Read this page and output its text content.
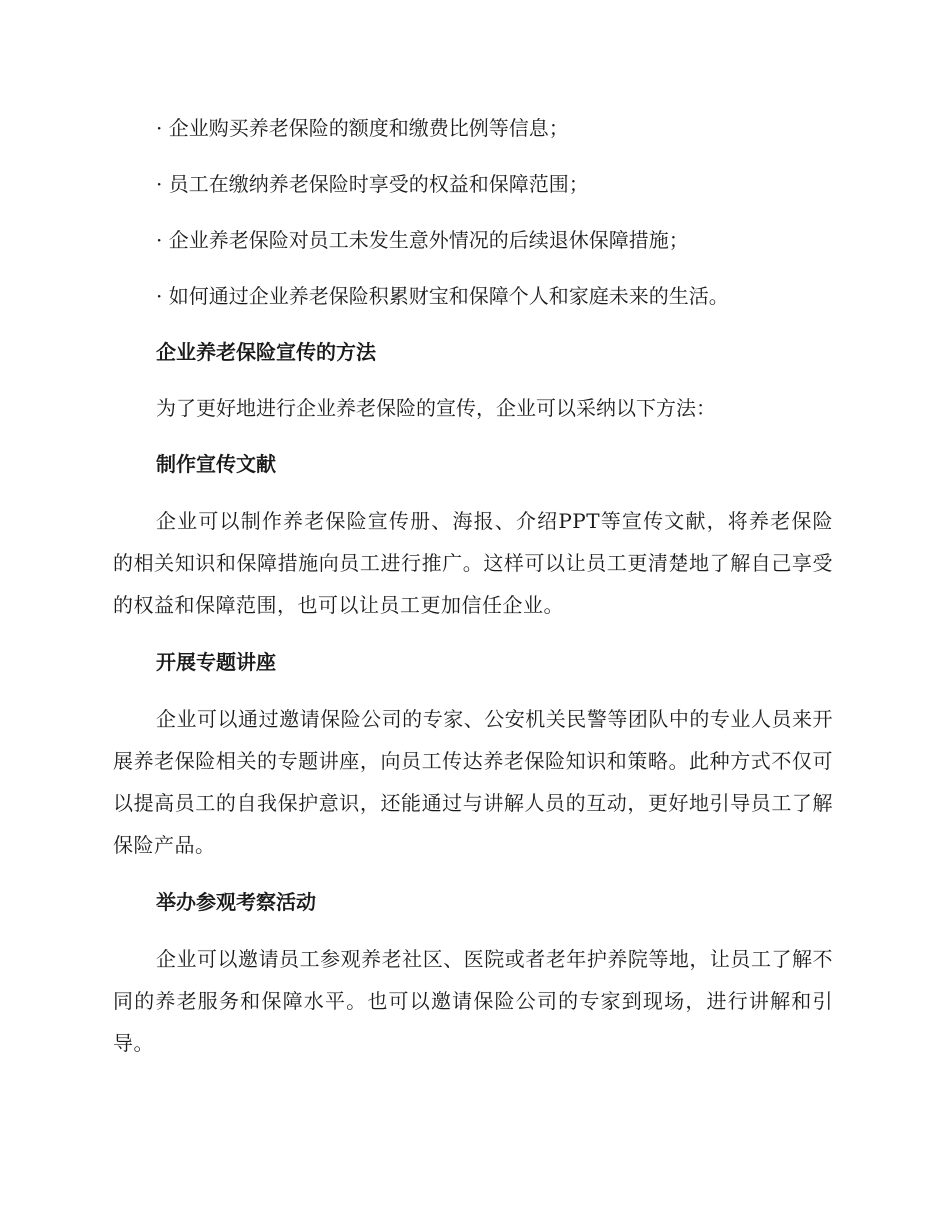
· 企业购买养老保险的额度和缴费比例等信息；
· 员工在缴纳养老保险时享受的权益和保障范围；
· 企业养老保险对员工未发生意外情况的后续退休保障措施；
· 如何通过企业养老保险积累财宝和保障个人和家庭未来的生活。
企业养老保险宣传的方法
为了更好地进行企业养老保险的宣传，企业可以采纳以下方法：
制作宣传文献

企业可以制作养老保险宣传册、海报、介绍PPT等宣传文献，将养老保险的相关知识和保障措施向员工进行推广。这样可以让员工更清楚地了解自己享受的权益和保障范围，也可以让员工更加信任企业。

开展专题讲座

企业可以通过邀请保险公司的专家、公安机关民警等团队中的专业人员来开展养老保险相关的专题讲座，向员工传达养老保险知识和策略。此种方式不仅可以提高员工的自我保护意识，还能通过与讲解人员的互动，更好地引导员工了解保险产品。

举办参观考察活动

企业可以邀请员工参观养老社区、医院或者老年护养院等地，让员工了解不同的养老服务和保障水平。也可以邀请保险公司的专家到现场，进行讲解和引导。
